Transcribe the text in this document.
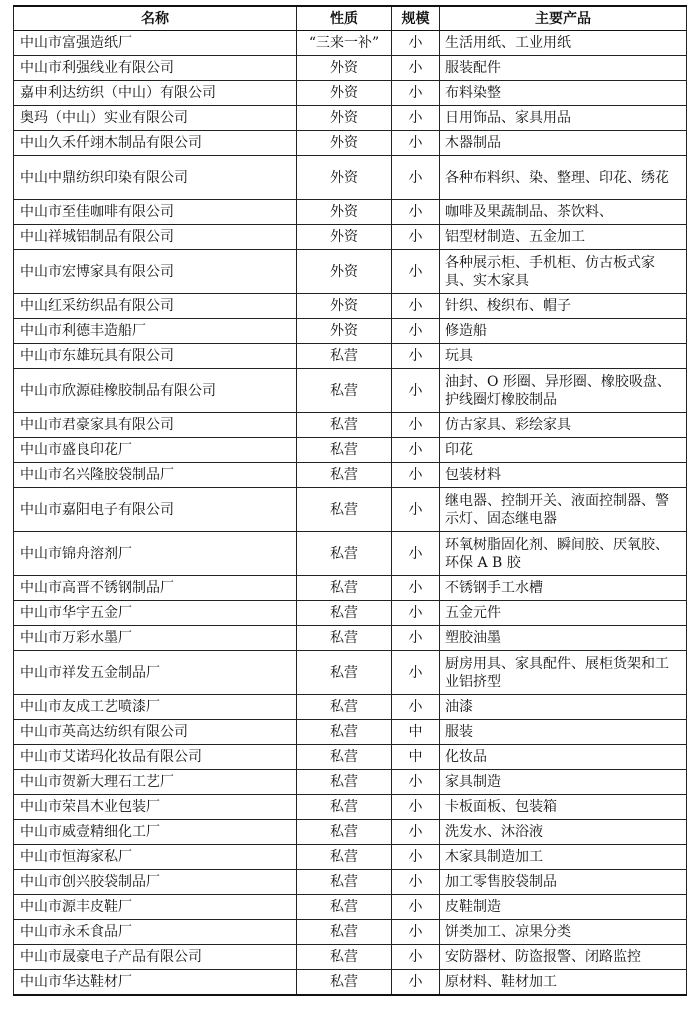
名称	性质	规模	主要产品
中山市富强造纸厂	“三来一补”	小	生活用纸、工业用纸
中山市利强线业有限公司	外资	小	服装配件
嘉申利达纺织（中山）有限公司	外资	小	布料染整
奥玛（中山）实业有限公司	外资	小	日用饰品、家具用品
中山久禾仟翊木制品有限公司	外资	小	木器制品
中山中鼎纺织印染有限公司	外资	小	各种布料织、染、整理、印花、绣花
中山市至佳咖啡有限公司	外资	小	咖啡及果蔬制品、茶饮料、
中山祥城铝制品有限公司	外资	小	铝型材制造、五金加工
中山市宏博家具有限公司	外资	小	各种展示柜、手机柜、仿古板式家具、实木家具
中山红采纺织品有限公司	外资	小	针织、梭织布、帽子
中山市利德丰造船厂	外资	小	修造船
中山市东雄玩具有限公司	私营	小	玩具
中山市欣源硅橡胶制品有限公司	私营	小	油封、O 形圈、异形圈、橡胶吸盘、护线圈灯橡胶制品
中山市君豪家具有限公司	私营	小	仿古家具、彩绘家具
中山市盛良印花厂	私营	小	印花
中山市名兴隆胶袋制品厂	私营	小	包装材料
中山市嘉阳电子有限公司	私营	小	继电器、控制开关、液面控制器、警示灯、固态继电器
中山市锦舟溶剂厂	私营	小	环氧树脂固化剂、瞬间胶、厌氧胶、环保 A B 胶
中山市高晋不锈钢制品厂	私营	小	不锈钢手工水槽
中山市华宇五金厂	私营	小	五金元件
中山市万彩水墨厂	私营	小	塑胶油墨
中山市祥发五金制品厂	私营	小	厨房用具、家具配件、展柜货架和工业铝挤型
中山市友成工艺喷漆厂	私营	小	油漆
中山市英高达纺织有限公司	私营	中	服装
中山市艾诺玛化妆品有限公司	私营	中	化妆品
中山市贺新大理石工艺厂	私营	小	家具制造
中山市荣昌木业包装厂	私营	小	卡板面板、包装箱
中山市威壹精细化工厂	私营	小	洗发水、沐浴液
中山市恒海家私厂	私营	小	木家具制造加工
中山市创兴胶袋制品厂	私营	小	加工零售胶袋制品
中山市源丰皮鞋厂	私营	小	皮鞋制造
中山市永禾食品厂	私营	小	饼类加工、凉果分类
中山市晟豪电子产品有限公司	私营	小	安防器材、防盗报警、闭路监控
中山市华达鞋材厂	私营	小	原材料、鞋材加工
